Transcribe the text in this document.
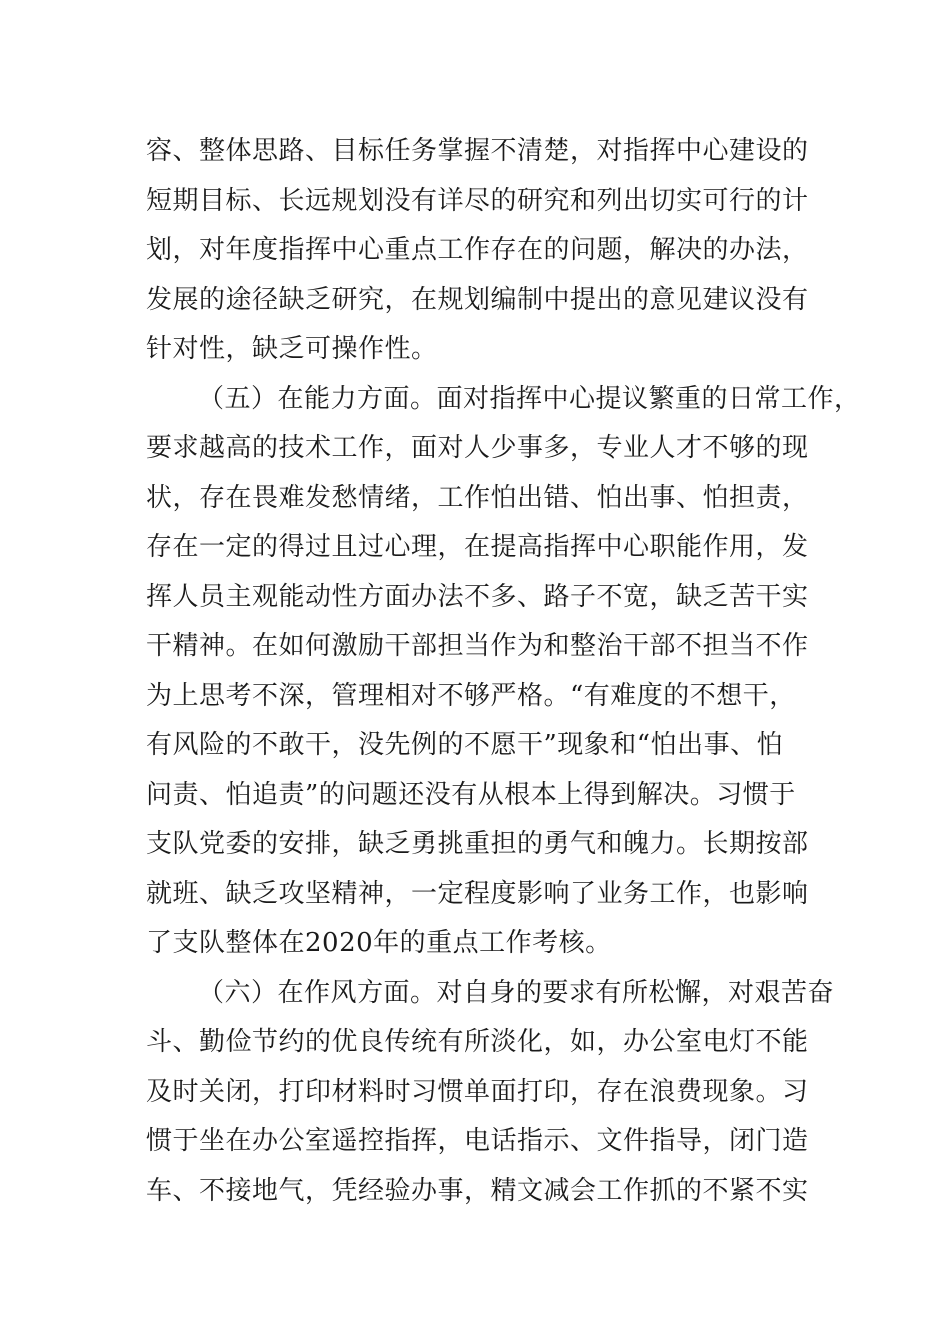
容、整体思路、目标任务掌握不清楚，对指挥中心建设的
短期目标、长远规划没有详尽的研究和列出切实可行的计
划，对年度指挥中心重点工作存在的问题，解决的办法，
发展的途径缺乏研究，在规划编制中提出的意见建议没有
针对性，缺乏可操作性。
（五）在能力方面。面对指挥中心提议繁重的日常工作，
要求越高的技术工作，面对人少事多，专业人才不够的现
状，存在畏难发愁情绪，工作怕出错、怕出事、怕担责，
存在一定的得过且过心理，在提高指挥中心职能作用，发
挥人员主观能动性方面办法不多、路子不宽，缺乏苦干实
干精神。在如何激励干部担当作为和整治干部不担当不作
为上思考不深，管理相对不够严格。“有难度的不想干，
有风险的不敢干，没先例的不愿干”现象和“怕出事、怕
问责、怕追责”的问题还没有从根本上得到解决。习惯于
支队党委的安排，缺乏勇挑重担的勇气和魄力。长期按部
就班、缺乏攻坚精神，一定程度影响了业务工作，也影响
了支队整体在2020年的重点工作考核。
（六）在作风方面。对自身的要求有所松懈，对艰苦奋
斗、勤俭节约的优良传统有所淡化，如，办公室电灯不能
及时关闭，打印材料时习惯单面打印，存在浪费现象。习
惯于坐在办公室遥控指挥，电话指示、文件指导，闭门造
车、不接地气，凭经验办事，精文减会工作抓的不紧不实
